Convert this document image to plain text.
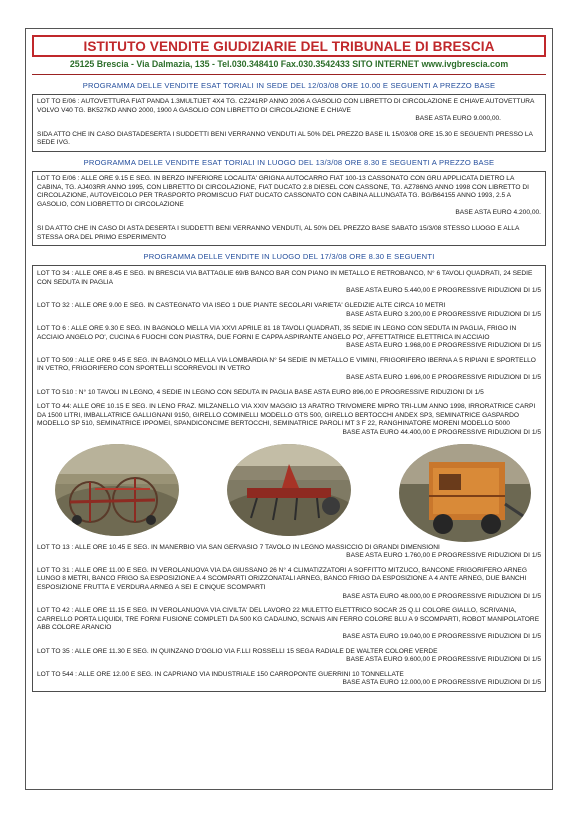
ISTITUTO VENDITE GIUDIZIARIE DEL TRIBUNALE DI BRESCIA
25125 Brescia - Via Dalmazia, 135 - Tel.030.348410 Fax.030.3542433 SITO INTERNET www.ivgbrescia.com
PROGRAMMA DELLE VENDITE ESAT TORIALI IN SEDE DEL 12/03/08 ORE 10.00 E SEGUENTI A PREZZO BASE
LOT TO E/06 : AUTOVETTURA FIAT PANDA 1.3MULTIJET 4X4 TG. CZ241RP ANNO 2006 A GASOLIO CON LIBRETTO DI CIRCOLAZIONE E CHIAVE AUTOVETTURA VOLVO V40 TG. BK527KD ANNO 2000, 1900 A GASOLIO CON LIBRETTO DI CIRCOLAZIONE E CHIAVE
BASE ASTA EURO 9.000,00.
SIDA ATTO CHE IN CASO DIASTADESERTA I SUDDETTI BENI VERRANNO VENDUTI AL 50% DEL PREZZO BASE IL 15/03/08 ORE 15.30 E SEGUENTI PRESSO LA SEDE IVG.
PROGRAMMA DELLE VENDITE ESAT TORIALI IN LUOGO DEL 13/3/08 ORE 8.30 E SEGUENTI A PREZZO BASE
LOT TO E/06 : ALLE ORE 9.15 E SEG. IN BERZO INFERIORE LOCALITA' GRIGNA AUTOCARRO FIAT 100-13 CASSONATO CON GRU APPLICATA DIETRO LA CABINA, TG. AJ403RR ANNO 1995, CON LIBRETTO DI CIRCOLAZIONE, FIAT DUCATO 2.8 DIESEL CON CASSONE, TG. AZ786NG ANNO 1998 CON LIBRETTO DI CIRCOLAZIONE, AUTOVEICOLO PER TRASPORTO PROMISCUO FIAT DUCATO CASSONATO CON CABINA ALLUNGATA TG. BG/B64155 ANNO 1993, 2.5 A GASOLIO, CON LIOBRETTO DI CIRCOLAZIONE
BASE ASTA EURO 4.200,00.
SI DA ATTO CHE IN CASO DI ASTA DESERTA I SUDDETTI BENI VERRANNO VENDUTI, AL 50% DEL PREZZO BASE SABATO 15/3/08 STESSO LUOGO E ALLA STESSA ORA DEL PRIMO ESPERIMENTO
PROGRAMMA DELLE VENDITE IN LUOGO DEL 17/3/08 ORE 8.30 E SEGUENTI
LOT TO 34 : ALLE ORE 8.45 E SEG. IN BRESCIA VIA BATTAGLIE 69/B BANCO BAR CON PIANO IN METALLO E RETROBANCO, N° 6 TAVOLI QUADRATI, 24 SEDIE CON SEDUTA IN PAGLIA
BASE ASTA EURO 5.440,00 E PROGRESSIVE RIDUZIONI DI 1/5
LOT TO 32 : ALLE ORE 9.00 E SEG. IN CASTEGNATO VIA ISEO 1 DUE PIANTE SECOLARI VARIETA' GLEDIZIE ALTE CIRCA 10 METRI
BASE ASTA EURO 3.200,00 E PROGRESSIVE RIDUZIONI DI 1/5
LOT TO 6 : ALLE ORE 9.30 E SEG. IN BAGNOLO MELLA VIA XXVI APRILE 81 18 TAVOLI QUADRATI, 35 SEDIE IN LEGNO CON SEDUTA IN PAGLIA, FRIGO IN ACCIAIO ANGELO PO', CUCINA 6 FUOCHI CON PIASTRA, DUE FORNI E CAPPA ASPIRANTE ANGELO PO', AFFETTATRICE ELETTRICA IN ACCIAIO
BASE ASTA EURO 1.968,00 E PROGRESSIVE RIDUZIONI DI 1/5
LOT TO 509 : ALLE ORE 9.45 E SEG. IN BAGNOLO MELLA VIA LOMBARDIA N° 54 SEDIE IN METALLO E VIMINI, FRIGORIFERO IBERNA A 5 RIPIANI E SPORTELLO IN VETRO, FRIGORIFERO CON SPORTELLI SCORREVOLI IN VETRO
BASE ASTA EURO 1.696,00 E PROGRESSIVE RIDUZIONI DI 1/5
LOT TO 510 : N° 10 TAVOLI IN LEGNO, 4 SEDIE IN LEGNO CON SEDUTA IN PAGLIA BASE ASTA EURO 896,00 E PROGRESSIVE RIDUZIONI DI 1/5
LOT TO 44: ALLE ORE 10.15 E SEG. IN LENO FRAZ. MILZANELLO VIA XXIV MAGGIO 13 ARATRO TRIVOMERE MIPRO TRI-LUM ANNO 1998, IRRORATRICE CARPI DA 1500 LITRI, IMBALLATRICE GALLIGNANI 9150, GIRELLO COMINELLI MODELLO GTS 500, GIRELLO BERTOCCHI ANDEX SP3, SEMINATRICE GASPARDO MODELLO SP 510, SEMINATRICE IPPOMEI, SPANDICONCIME BERTOCCHI, SEMINATRICE PAROLI MT 3 F 22, RANGHINATORE MORENI MODELLO 5000
BASE ASTA EURO 44.400,00 E PROGRESSIVE RIDUZIONI DI 1/5
LOT TO 13 : ALLE ORE 10.45 E SEG. IN MANERBIO VIA SAN GERVASIO 7 TAVOLO IN LEGNO MASSICCIO DI GRANDI DIMENSIONI
BASE ASTA EURO 1.760,00 E PROGRESSIVE RIDUZIONI DI 1/5
LOT TO 31 : ALLE ORE 11.00 E SEG. IN VEROLANUOVA VIA DA GIUSSANO 26 N° 4 CLIMATIZZATORI A SOFFITTO MITZUCO, BANCONE FRIGORIFERO ARNEG LUNGO 8 METRI, BANCO FRIGO SA ESPOSIZIONE A 4 SCOMPARTI ORIZZONATALI ARNEG, BANCO FRIGO DA ESPOSIZIONE A 4 ANTE ARNEG, DUE BANCHI ESPOSIZIONE FRUTTA E VERDURA ARNEG A SEI E CINQUE SCOMPARTI
BASE ASTA EURO 48.000,00 E PROGRESSIVE RIDUZIONI DI 1/5
LOT TO 42 : ALLE ORE 11.15 E SEG. IN VEROLANUOVA VIA CIVILTA' DEL LAVORO 22 MULETTO ELETTRICO SOCAR 25 Q.LI COLORE GIALLO, SCRIVANIA, CARRELLO PORTA LIQUIDI, TRE FORNI FUSIONE COMPLETI DA 500 KG CADAUNO, SCNAIS AIN FERRO COLORE BLU A 9 SCOMPARTI, ROBOT MANIPOLATORE ABB COLORE ARANCIO
BASE ASTA EURO 19.040,00 E PROGRESSIVE RIDUZIONI DI 1/5
LOT TO 35 : ALLE ORE 11.30 E SEG. IN QUINZANO D'OGLIO VIA F.LLI ROSSELLI 15 SEGA RADIALE DE WALTER COLORE VERDE
BASE ASTA EURO 9.600,00 E PROGRESSIVE RIDUZIONI DI 1/5
LOT TO 544 : ALLE ORE 12.00 E SEG. IN CAPRIANO VIA INDUSTRIALE 150 CARROPONTE GUERRINI 10 TONNELLATE
BASE ASTA EURO 12.000,00 E PROGRESSIVE RIDUZIONI DI 1/5
